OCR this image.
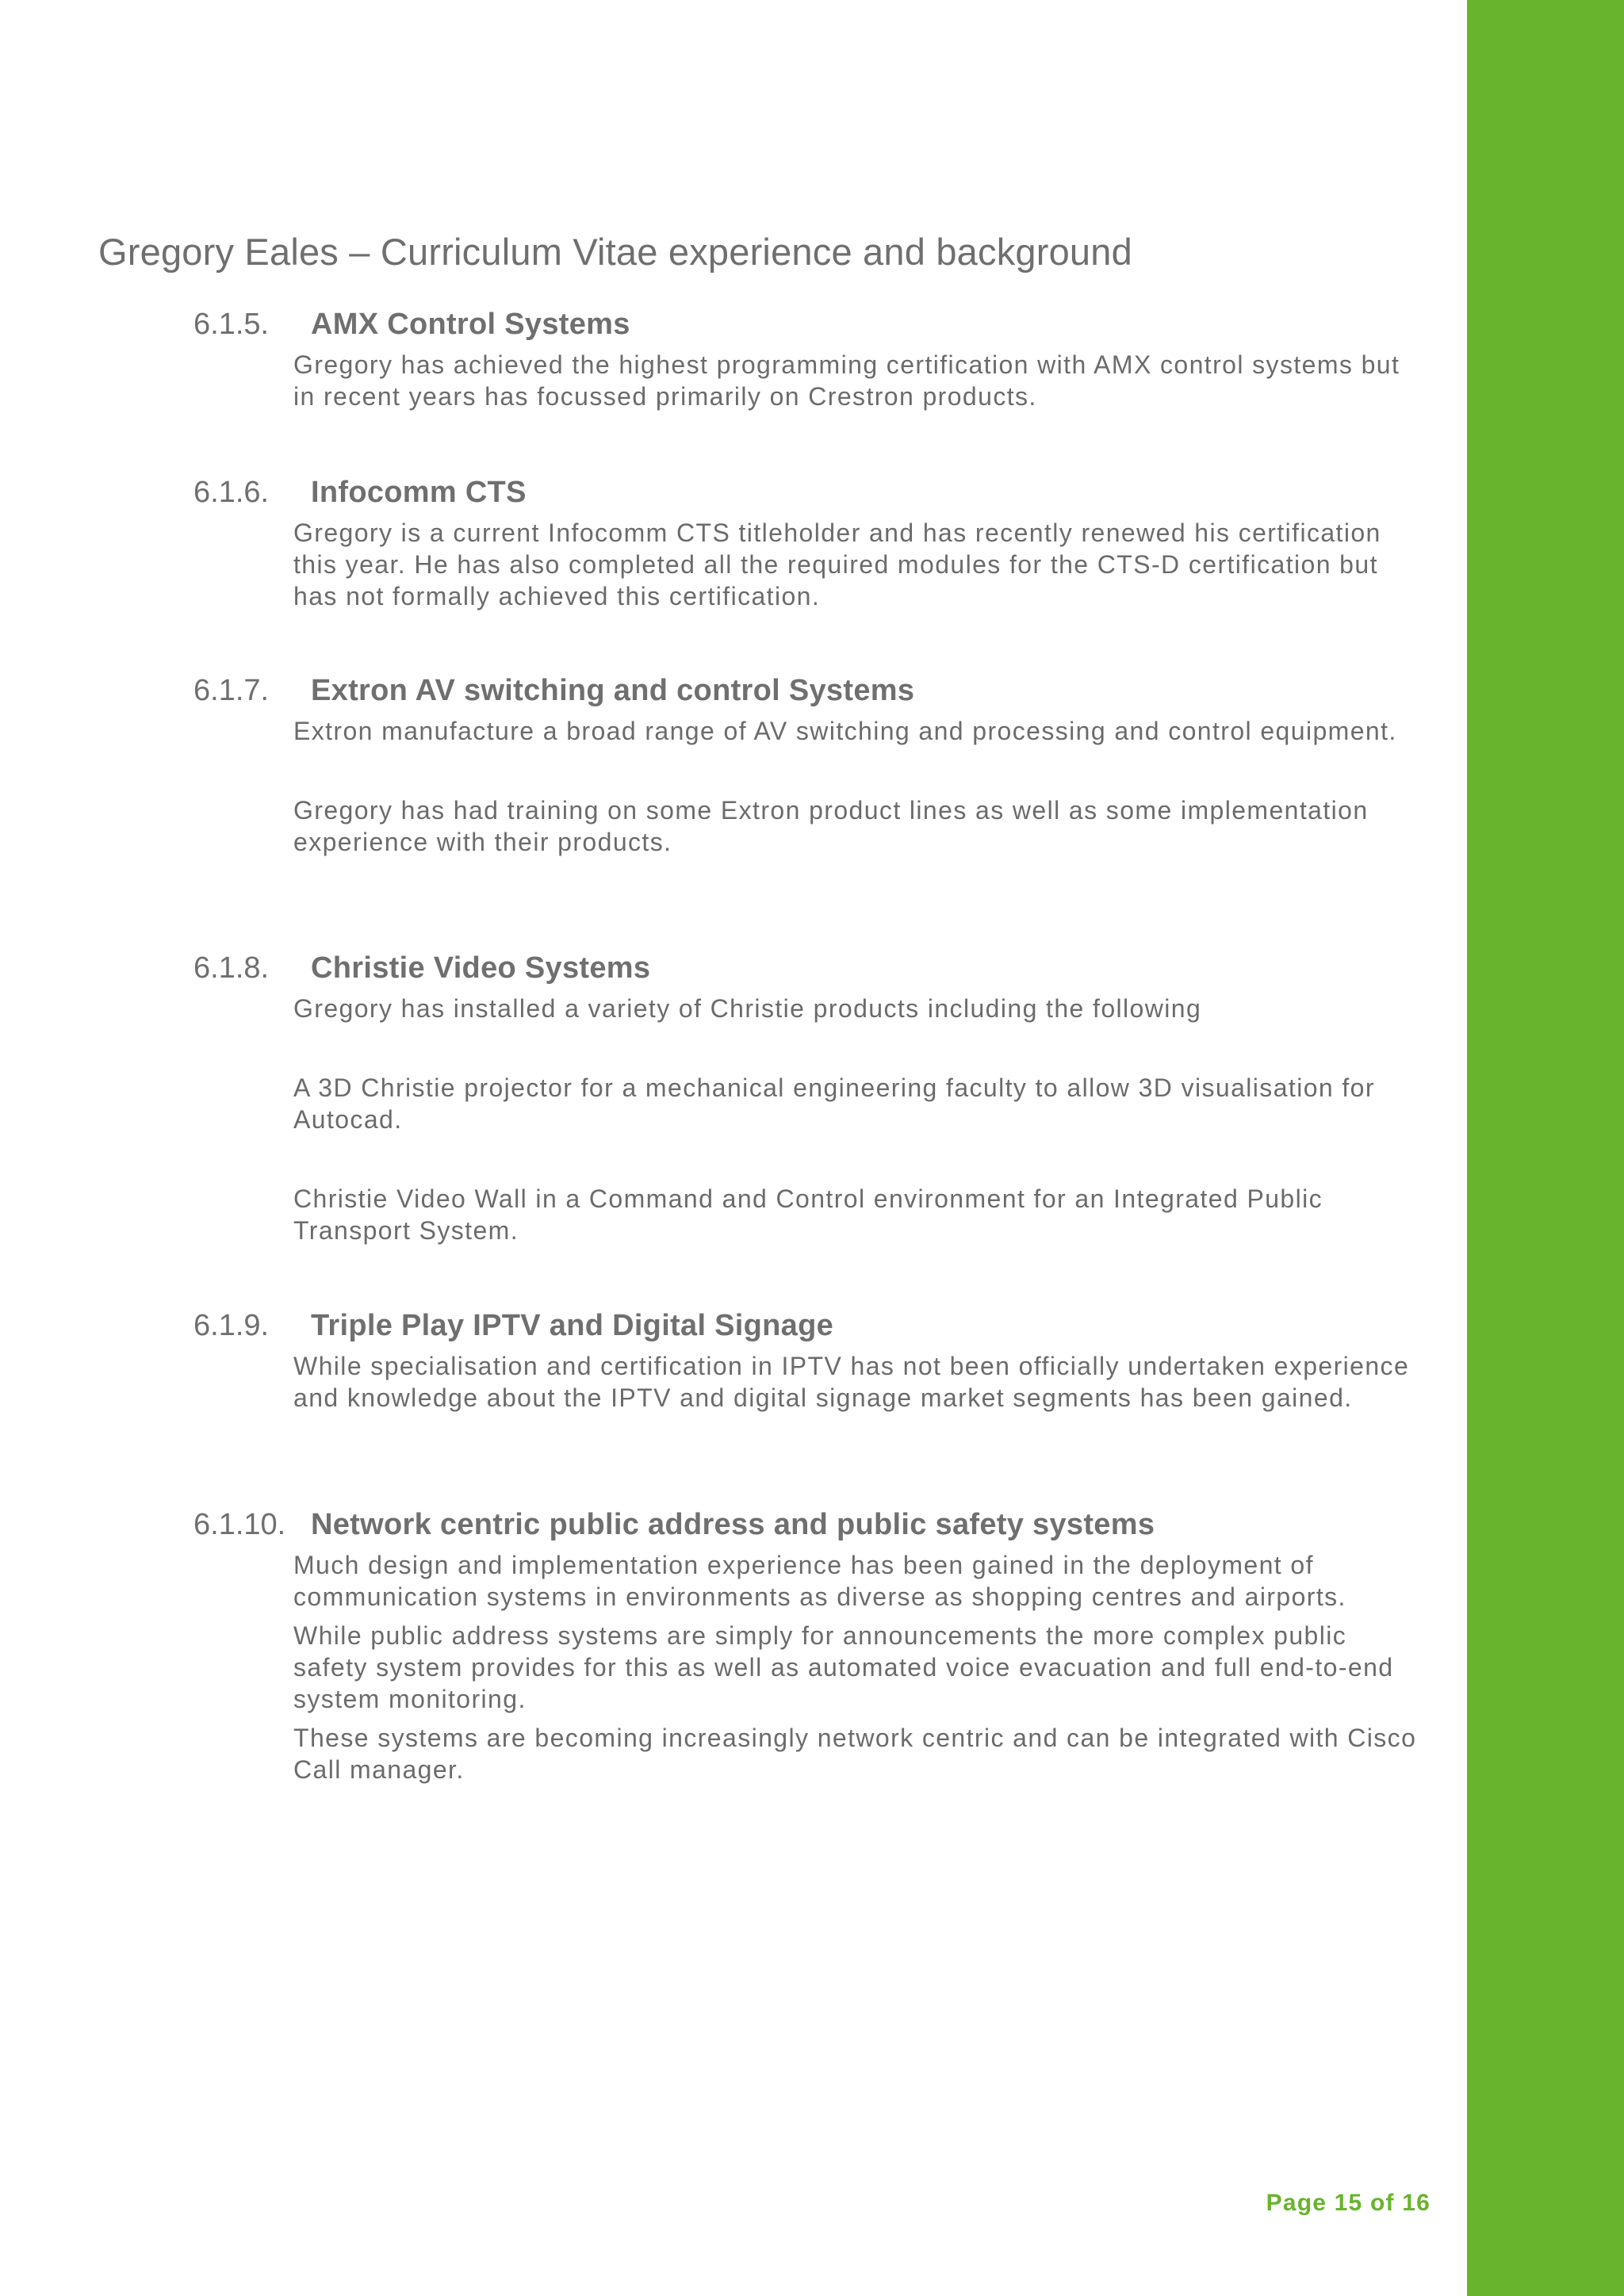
Gregory Eales – Curriculum Vitae experience and background
6.1.5. AMX Control Systems

Gregory has achieved the highest programming certification with AMX control systems but in recent years has focussed primarily on Crestron products.

6.1.6. Infocomm CTS

Gregory is a current Infocomm CTS titleholder and has recently renewed his certification this year. He has also completed all the required modules for the CTS-D certification but has not formally achieved this certification.

6.1.7. Extron AV switching and control Systems

Extron manufacture a broad range of AV switching and processing and control equipment.

Gregory has had training on some Extron product lines as well as some implementation experience with their products.

6.1.8. Christie Video Systems

Gregory has installed a variety of Christie products including the following

A 3D Christie projector for a mechanical engineering faculty to allow 3D visualisation for Autocad.

Christie Video Wall in a Command and Control environment for an Integrated Public Transport System.

6.1.9. Triple Play IPTV and Digital Signage

While specialisation and certification in IPTV has not been officially undertaken experience and knowledge about the IPTV and digital signage market segments has been gained.

6.1.10. Network centric public address and public safety systems

Much design and implementation experience has been gained in the deployment of communication systems in environments as diverse as shopping centres and airports.

While public address systems are simply for announcements the more complex public safety system provides for this as well as automated voice evacuation and full end-to-end system monitoring.

These systems are becoming increasingly network centric and can be integrated with Cisco Call manager.

Page 15 of 16
